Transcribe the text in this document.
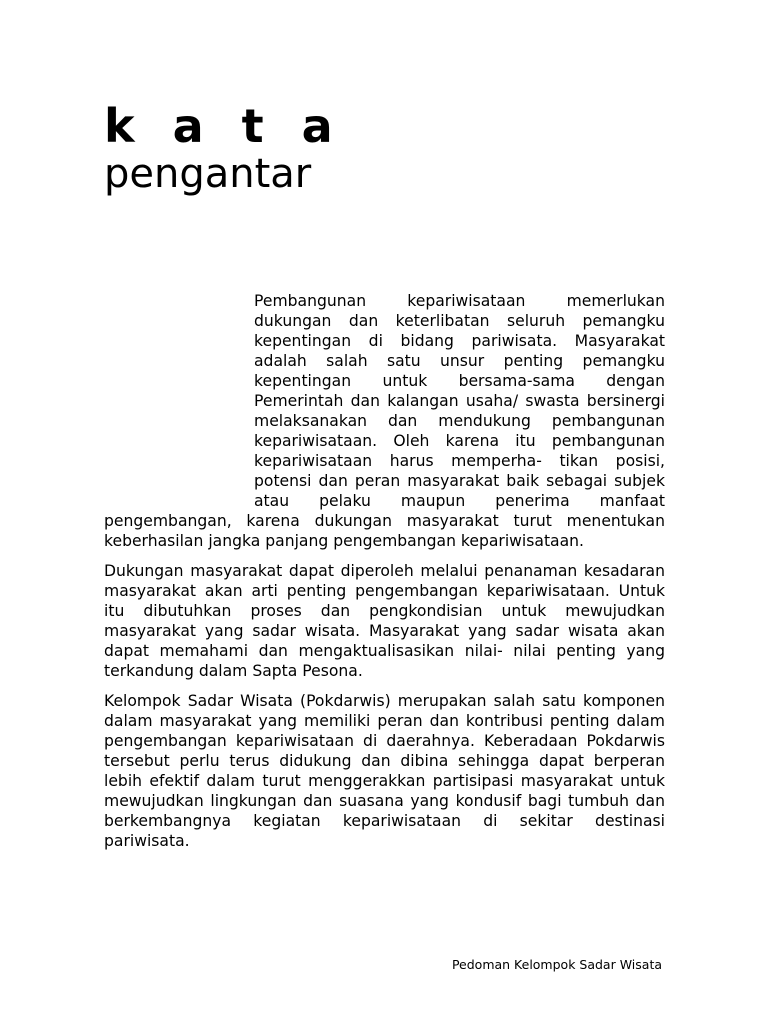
k a t a
pengantar

Pembangunan kepariwisataan memerlukan dukungan dan keterlibatan seluruh pemangku kepentingan di bidang pariwisata. Masyarakat adalah salah satu unsur penting pemangku kepentingan untuk bersama-sama dengan Pemerintah dan kalangan usaha/ swasta bersinergi melaksanakan dan mendukung pembangunan kepariwisataan. Oleh karena itu pembangunan kepariwisataan harus memperha- tikan posisi, potensi dan peran masyarakat baik sebagai subjek atau pelaku maupun penerima manfaat pengembangan, karena dukungan masyarakat turut menentukan keberhasilan jangka panjang pengembangan kepariwisataan.

Dukungan masyarakat dapat diperoleh melalui penanaman kesadaran masyarakat akan arti penting pengembangan kepariwisataan. Untuk itu dibutuhkan proses dan pengkondisian untuk mewujudkan masyarakat yang sadar wisata. Masyarakat yang sadar wisata akan dapat memahami dan mengaktualisasikan nilai- nilai penting yang terkandung dalam Sapta Pesona.

Kelompok Sadar Wisata (Pokdarwis) merupakan salah satu komponen dalam masyarakat yang memiliki peran dan kontribusi penting dalam pengembangan kepariwisataan di daerahnya. Keberadaan Pokdarwis tersebut perlu terus didukung dan dibina sehingga dapat berperan lebih efektif dalam turut menggerakkan partisipasi masyarakat untuk mewujudkan lingkungan dan suasana yang kondusif bagi tumbuh dan berkembangnya kegiatan kepariwisataan di sekitar destinasi pariwisata.

Pedoman Kelompok Sadar Wisata
